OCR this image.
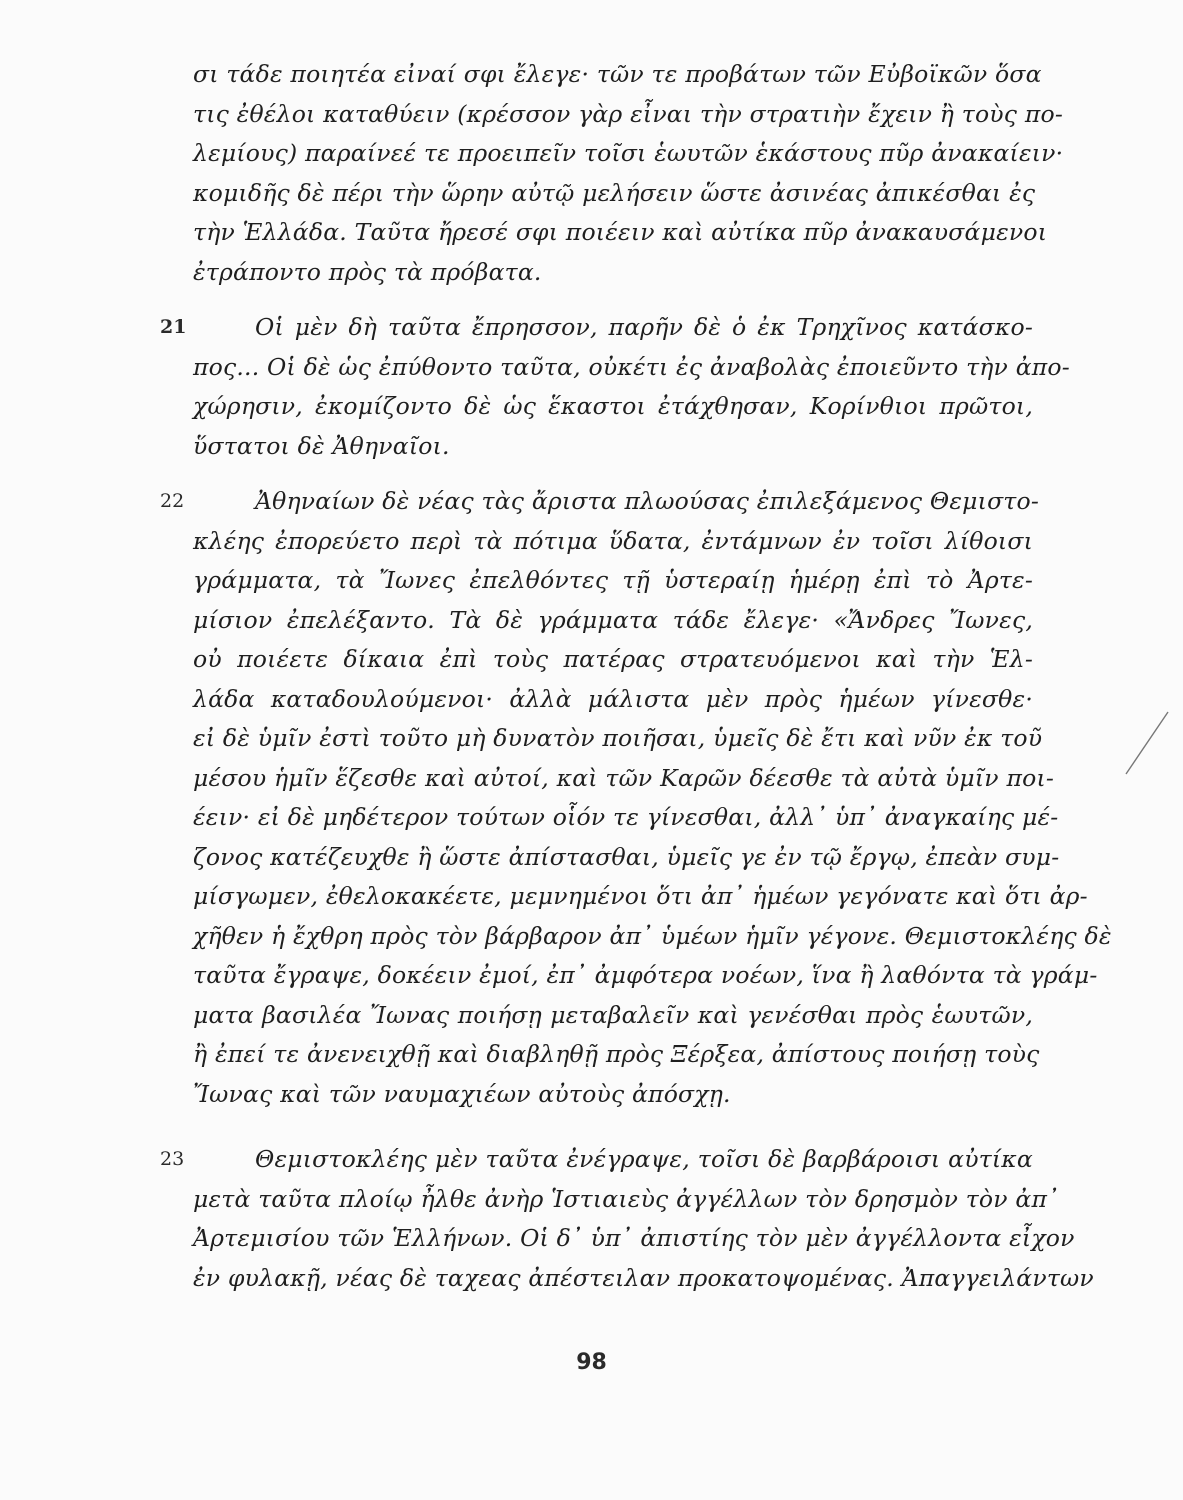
σι τάδε ποιητέα εἰναί σφι ἔλεγε· τῶν τε προβάτων τῶν Εὐβοϊκῶν ὅσα
τις ἐθέλοι καταθύειν (κρέσσον γὰρ εἶναι τὴν στρατιὴν ἔχειν ἢ τοὺς πο-
λεμίους) παραίνεέ τε προειπεῖν τοῖσι ἑωυτῶν ἑκάστους πῦρ ἀνακαίειν·
κομιδῆς δὲ πέρι τὴν ὥρην αὐτῷ μελήσειν ὥστε ἀσινέας ἀπικέσθαι ἐς
τὴν Ἑλλάδα. Ταῦτα ἤρεσέ σφι ποιέειν καὶ αὐτίκα πῦρ ἀνακαυσάμενοι
ἐτράποντο πρὸς τὰ πρόβατα.
21	Οἱ μὲν δὴ ταῦτα ἔπρησσον, παρῆν δὲ ὁ ἐκ Τρηχῖνος κατάσκο-
πος... Οἱ δὲ ὡς ἐπύθοντο ταῦτα, οὐκέτι ἐς ἀναβολὰς ἐποιεῦντο τὴν ἀπο-
χώρησιν, ἐκομίζοντο δὲ ὡς ἕκαστοι ἐτάχθησαν, Κορίνθιοι πρῶτοι,
ὕστατοι δὲ Ἀθηναῖοι.
22	Ἀθηναίων δὲ νέας τὰς ἄριστα πλωούσας ἐπιλεξάμενος Θεμιστο-
κλέης ἐπορεύετο περὶ τὰ πότιμα ὕδατα, ἐντάμνων ἐν τοῖσι λίθοισι
γράμματα, τὰ Ἴωνες ἐπελθόντες τῇ ὑστεραίῃ ἡμέρῃ ἐπὶ τὸ Ἀρτε-
μίσιον ἐπελέξαντο. Τὰ δὲ γράμματα τάδε ἔλεγε· «Ἄνδρες Ἴωνες,
οὐ ποιέετε δίκαια ἐπὶ τοὺς πατέρας στρατευόμενοι καὶ τὴν Ἑλ-
λάδα καταδουλούμενοι· ἀλλὰ μάλιστα μὲν πρὸς ἡμέων γίνεσθε·
εἰ δὲ ὑμῖν ἐστὶ τοῦτο μὴ δυνατὸν ποιῆσαι, ὑμεῖς δὲ ἔτι καὶ νῦν ἐκ τοῦ
μέσου ἡμῖν ἕζεσθε καὶ αὐτοί, καὶ τῶν Καρῶν δέεσθε τὰ αὐτὰ ὑμῖν ποι-
έειν· εἰ δὲ μηδέτερον τούτων οἷόν τε γίνεσθαι, ἀλλ᾽ ὑπ᾽ ἀναγκαίης μέ-
ζονος κατέζευχθε ἢ ὥστε ἀπίστασθαι, ὑμεῖς γε ἐν τῷ ἔργῳ, ἐπεὰν συμ-
μίσγωμεν, ἐθελοκακέετε, μεμνημένοι ὅτι ἀπ᾽ ἡμέων γεγόνατε καὶ ὅτι ἀρ-
χῆθεν ἡ ἔχθρη πρὸς τὸν βάρβαρον ἀπ᾽ ὑμέων ἡμῖν γέγονε. Θεμιστοκλέης δὲ
ταῦτα ἔγραψε, δοκέειν ἐμοί, ἐπ᾽ ἀμφότερα νοέων, ἵνα ἢ λαθόντα τὰ γράμ-
ματα βασιλέα Ἴωνας ποιήσῃ μεταβαλεῖν καὶ γενέσθαι πρὸς ἑωυτῶν,
ἢ ἐπεί τε ἀνενειχθῇ καὶ διαβληθῇ πρὸς Ξέρξεα, ἀπίστους ποιήσῃ τοὺς
Ἴωνας καὶ τῶν ναυμαχιέων αὐτοὺς ἀπόσχῃ.
23	Θεμιστοκλέης μὲν ταῦτα ἐνέγραψε, τοῖσι δὲ βαρβάροισι αὐτίκα
μετὰ ταῦτα πλοίῳ ἦλθε ἀνὴρ Ἱστιαιεὺς ἀγγέλλων τὸν δρησμὸν τὸν ἀπ᾽
Ἀρτεμισίου τῶν Ἑλλήνων. Οἱ δ᾽ ὑπ᾽ ἀπιστίης τὸν μὲν ἀγγέλλοντα εἶχον
ἐν φυλακῇ, νέας δὲ ταχεας ἀπέστειλαν προκατοψομένας. Ἀπαγγειλάντων
98
